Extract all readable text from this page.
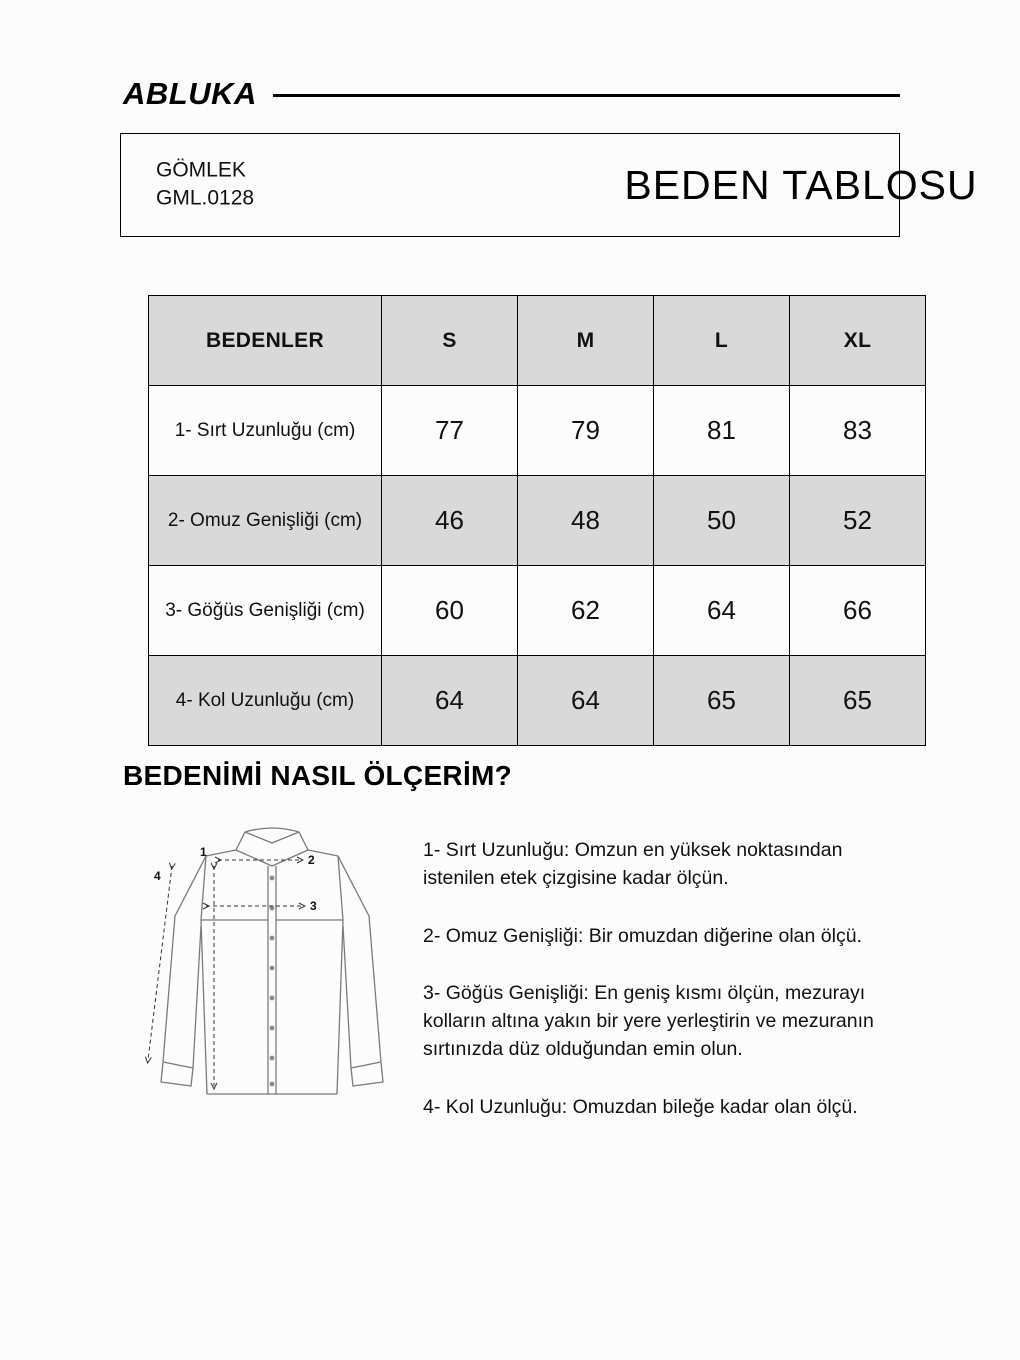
ABLUKA
GÖMLEK
GML.0128	BEDEN TABLOSU
BEDENLER	S	M	L	XL
1- Sırt Uzunluğu (cm)	77	79	81	83
2- Omuz Genişliği (cm)	46	48	50	52
3- Göğüs Genişliği (cm)	60	62	64	66
4- Kol Uzunluğu (cm)	64	64	65	65
BEDENİMİ NASIL ÖLÇERİM?
1
2
3
4

1- Sırt Uzunluğu: Omzun en yüksek noktasından istenilen etek çizgisine kadar ölçün.

2- Omuz Genişliği: Bir omuzdan diğerine olan ölçü.

3- Göğüs Genişliği: En geniş kısmı ölçün, mezurayı kolların altına yakın bir yere yerleştirin ve mezuranın sırtınızda düz olduğundan emin olun.

4- Kol Uzunluğu: Omuzdan bileğe kadar olan ölçü.
